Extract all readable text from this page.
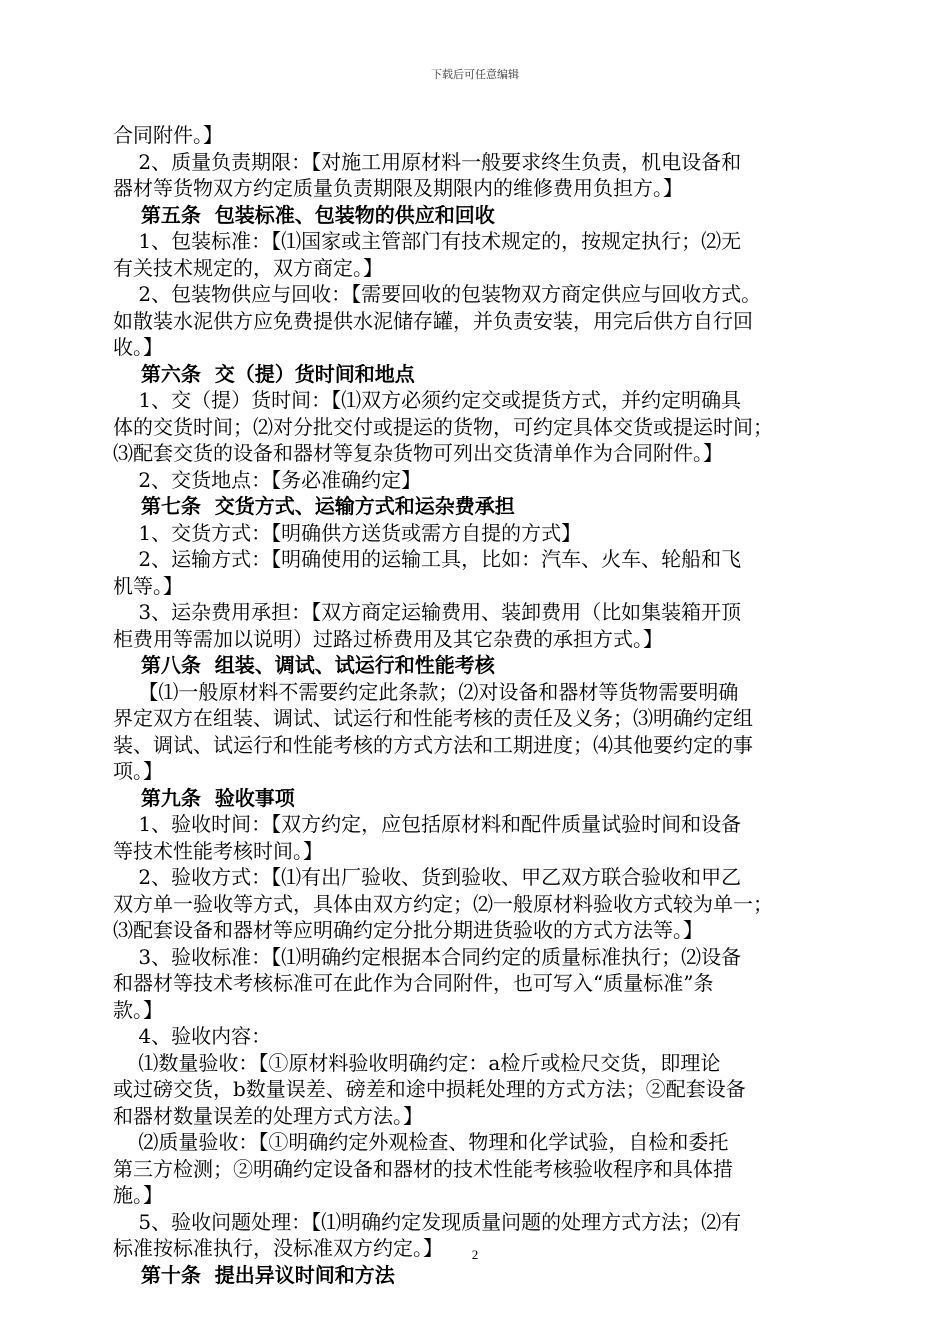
下载后可任意编辑
合同附件。】
2、质量负责期限：【对施工用原材料一般要求终生负责，机电设备和
器材等货物双方约定质量负责期限及期限内的维修费用负担方。】
第五条  包装标准、包装物的供应和回收
1、包装标准：【⑴国家或主管部门有技术规定的，按规定执行；⑵无
有关技术规定的，双方商定。】
2、包装物供应与回收：【需要回收的包装物双方商定供应与回收方式。
如散装水泥供方应免费提供水泥储存罐，并负责安装，用完后供方自行回
收。】
第六条  交（提）货时间和地点
1、交（提）货时间：【⑴双方必须约定交或提货方式，并约定明确具
体的交货时间；⑵对分批交付或提运的货物，可约定具体交货或提运时间；
⑶配套交货的设备和器材等复杂货物可列出交货清单作为合同附件。】
2、交货地点：【务必准确约定】
第七条  交货方式、运输方式和运杂费承担
1、交货方式：【明确供方送货或需方自提的方式】
2、运输方式：【明确使用的运输工具，比如：汽车、火车、轮船和飞
机等。】
3、运杂费用承担：【双方商定运输费用、装卸费用（比如集装箱开顶
柜费用等需加以说明）过路过桥费用及其它杂费的承担方式。】
第八条  组装、调试、试运行和性能考核
【⑴一般原材料不需要约定此条款；⑵对设备和器材等货物需要明确
界定双方在组装、调试、试运行和性能考核的责任及义务；⑶明确约定组
装、调试、试运行和性能考核的方式方法和工期进度；⑷其他要约定的事
项。】
第九条  验收事项
1、验收时间：【双方约定，应包括原材料和配件质量试验时间和设备
等技术性能考核时间。】
2、验收方式：【⑴有出厂验收、货到验收、甲乙双方联合验收和甲乙
双方单一验收等方式，具体由双方约定；⑵一般原材料验收方式较为单一；
⑶配套设备和器材等应明确约定分批分期进货验收的方式方法等。】
3、验收标准：【⑴明确约定根据本合同约定的质量标准执行；⑵设备
和器材等技术考核标准可在此作为合同附件，也可写入“质量标准”条
款。】
4、验收内容：
⑴数量验收：【①原材料验收明确约定：a检斤或检尺交货，即理论
或过磅交货，b数量误差、磅差和途中损耗处理的方式方法；②配套设备
和器材数量误差的处理方式方法。】
⑵质量验收：【①明确约定外观检查、物理和化学试验，自检和委托
第三方检测；②明确约定设备和器材的技术性能考核验收程序和具体措
施。】
5、验收问题处理：【⑴明确约定发现质量问题的处理方式方法；⑵有
标准按标准执行，没标准双方约定。】
第十条  提出异议时间和方法
2
